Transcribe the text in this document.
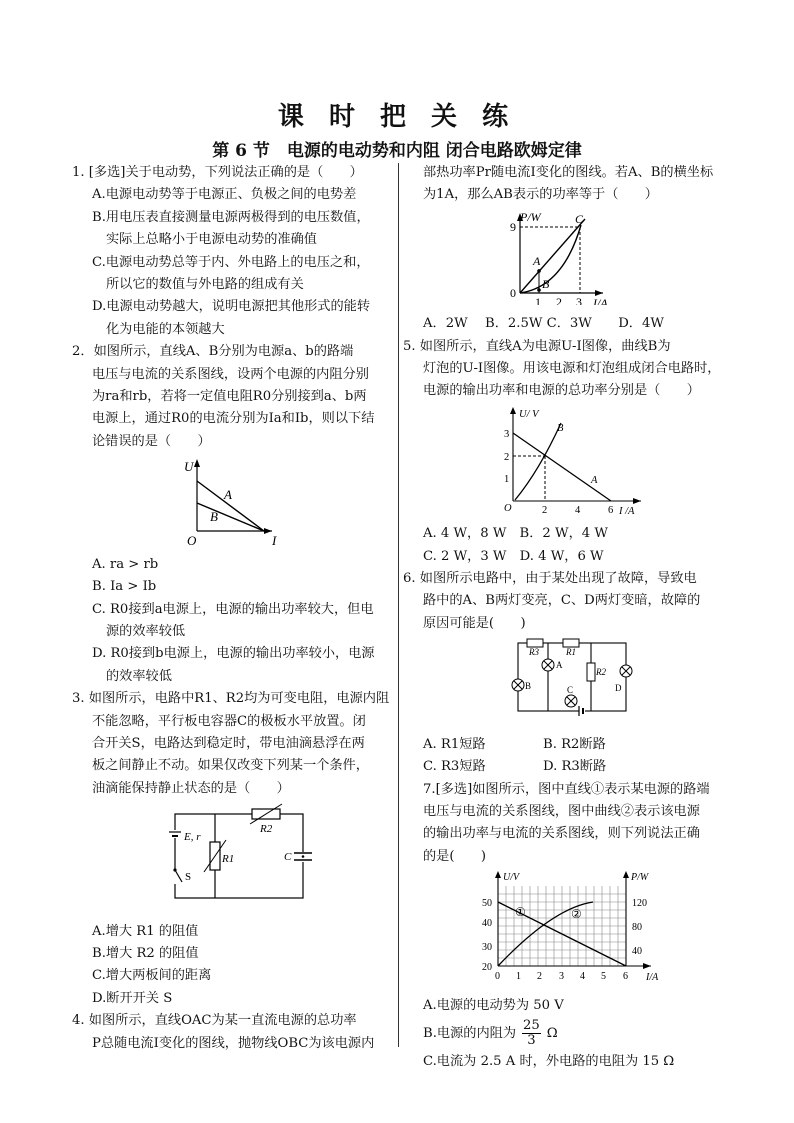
课 时 把 关 练
第 6 节　电源的电动势和内阻 闭合电路欧姆定律
1. [多选]关于电动势，下列说法正确的是（　　）
A.电源电动势等于电源正、负极之间的电势差
B.用电压表直接测量电源两极得到的电压数值，
实际上总略小于电源电动势的准确值
C.电源电动势总等于内、外电路上的电压之和，
所以它的数值与外电路的组成有关
D.电源电动势越大，说明电源把其他形式的能转
化为电能的本领越大
2．如图所示，直线A、B分别为电源a、b的路端
电压与电流的关系图线，设两个电源的内阻分别
为ra和rb，若将一定值电阻R0分别接到a、b两
电源上，通过R0的电流分别为Ia和Ib，则以下结
论错误的是（　　）
U
I
O
A
B
A. ra > rb
B. Ia > Ib
C. R0接到a电源上，电源的输出功率较大，但电
源的效率较低
D. R0接到b电源上，电源的输出功率较小，电源
的效率较低
3. 如图所示，电路中R1、R2均为可变电阻，电源内阻
不能忽略，平行板电容器C的极板水平放置。闭
合开关S，电路达到稳定时，带电油滴悬浮在两
板之间静止不动。如果仅改变下列某一个条件，
油滴能保持静止状态的是（　　）
E, r
R1
R2
C
S
A.增大 R1 的阻值
B.增大 R2 的阻值
C.增大两板间的距离
D.断开开关 S
4. 如图所示，直线OAC为某一直流电源的总功率
P总随电流I变化的图线，抛物线OBC为该电源内
部热功率Pr随电流I变化的图线。若A、B的横坐标
为1A，那么AB表示的功率等于（　　）
P/W
I/A
9
0
1 2 3
A
B
C
A．2W　 B．2.5W C．3W　　D．4W
5. 如图所示，直线A为电源U-I图像，曲线B为
灯泡的U-I图像。用该电源和灯泡组成闭合电路时，
电源的输出功率和电源的总功率分别是（　　）
U/ V
I /A
3
2
1
O	2	4	6
A
B
A. 4 W，8 W　B．2 W，4 W
C. 2 W，3 W　D. 4 W，6 W
6. 如图所示电路中，由于某处出现了故障，导致电
路中的A、B两灯变亮，C、D两灯变暗，故障的
原因可能是(　　)
R3	R1
R2
A
B	C	D
A. R1短路	B. R2断路
C. R3短路	D. R3断路
7.[多选]如图所示，图中直线①表示某电源的路端
电压与电流的关系图线，图中曲线②表示该电源
的输出功率与电流的关系图线，则下列说法正确
的是(　　)
U/V	P/W
I/A
50
40
30
20
120
80
40
0 1 2 3 4 5 6
①	②
A.电源的电动势为 50 V
B.电源的内阻为 $\frac{25}{3}$ Ω
C.电流为 2.5 A 时，外电路的电阻为 15 Ω
